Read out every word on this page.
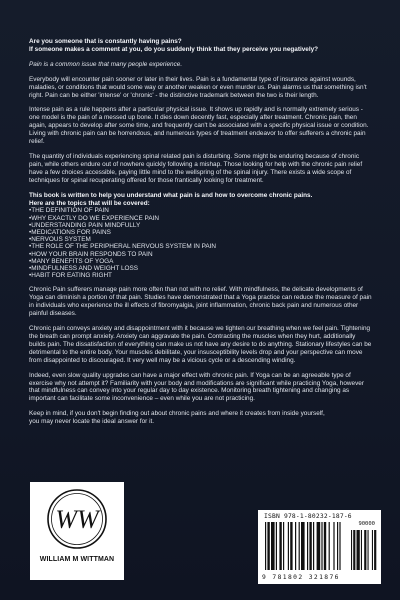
Are you someone that is constantly having pains?
If someone makes a comment at you, do you suddenly think that they perceive you negatively?

Pain is a common issue that many people experience.

Everybody will encounter pain sooner or later in their lives. Pain is a fundamental type of insurance against wounds, maladies, or conditions that would some way or another weaken or even murder us. Pain alarms us that something isn't right. Pain can be either 'intense' or 'chronic' - the distinctive trademark between the two is their length.

Intense pain as a rule happens after a particular physical issue. It shows up rapidly and is normally extremely serious - one model is the pain of a messed up bone. It dies down decently fast, especially after treatment. Chronic pain, then again, appears to develop after some time, and frequently can't be associated with a specific physical issue or condition. Living with chronic pain can be horrendous, and numerous types of treatment endeavor to offer sufferers a chronic pain relief.

The quantity of individuals experiencing spinal related pain is disturbing. Some might be enduring because of chronic pain, while others endure out of nowhere quickly following a mishap. Those looking for help with the chronic pain relief have a few choices accessible, paying little mind to the wellspring of the spinal injury. There exists a wide scope of techniques for spinal recuperating offered for those frantically looking for treatment.

This book is written to help you understand what pain is and how to overcome chronic pains.
Here are the topics that will be covered:

• THE DEFINITION OF PAIN
• WHY EXACTLY DO WE EXPERIENCE PAIN
• UNDERSTANDING PAIN MINDFULLY
• MEDICATIONS FOR PAINS
• NERVOUS SYSTEM
• THE ROLE OF THE PERIPHERAL NERVOUS SYSTEM IN PAIN
• HOW YOUR BRAIN RESPONDS TO PAIN
• MANY BENEFITS OF YOGA
• MINDFULNESS AND WEIGHT LOSS
• HABIT FOR EATING RIGHT

Chronic Pain sufferers manage pain more often than not with no relief. With mindfulness, the delicate developments of Yoga can diminish a portion of that pain. Studies have demonstrated that a Yoga practice can reduce the measure of pain in individuals who experience the ill effects of fibromyalgia, joint inflammation, chronic back pain and numerous other painful diseases.

Chronic pain conveys anxiety and disappointment with it because we tighten our breathing when we feel pain. Tightening the breath can prompt anxiety. Anxiety can aggravate the pain. Contracting the muscles when they hurt, additionally builds pain. The dissatisfaction of everything can make us not have any desire to do anything. Stationary lifestyles can be detrimental to the entire body. Your muscles debilitate, your insusceptibility levels drop and your perspective can move from disappointed to discouraged. It very well may be a vicious cycle or a descending winding.

Indeed, even slow quality upgrades can have a major effect with chronic pain. If Yoga can be an agreeable type of exercise why not attempt it? Familiarity with your body and modifications are significant while practicing Yoga, however that mindfulness can convey into your regular day to day existence. Monitoring breath tightening and changing as important can facilitate some inconvenience – even while you are not practicing.

Keep in mind, if you don't begin finding out about chronic pains and where it creates from inside yourself,
you may never locate the ideal answer for it.

WW
WILLIAM M WITTMAN
ISBN 978-1-80232-187-6
90000
9 781802 321876
